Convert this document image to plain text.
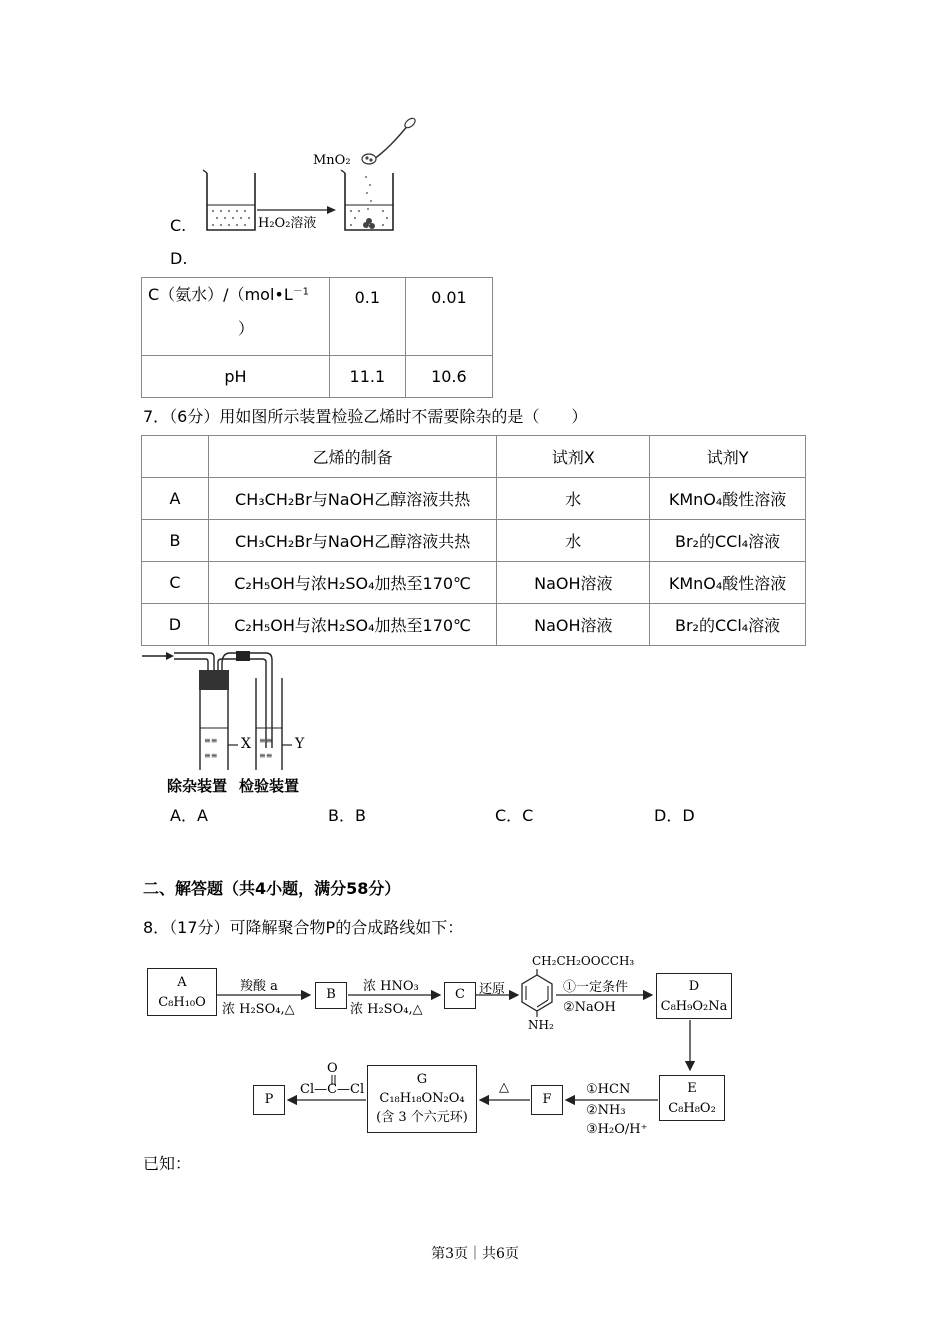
C.
MnO₂
H₂O₂溶液
D.
C（氨水）$/(mol•L^{-1}$
）	0.1	0.01
pH	11.1	10.6
7．（6分）用如图所示装置检验乙烯时不需要除杂的是（　　）
	乙烯的制备	试剂X	试剂Y
A	CH₃CH₂Br与NaOH乙醇溶液共热	水	KMnO₄酸性溶液
B	CH₃CH₂Br与NaOH乙醇溶液共热	水	Br₂的CCl₄溶液
C	C₂H₅OH与浓H₂SO₄加热至170℃	NaOH溶液	KMnO₄酸性溶液
D	C₂H₅OH与浓H₂SO₄加热至170℃	NaOH溶液	Br₂的CCl₄溶液
≡≡
≡≡
≡≡
≡≡
X	Y
除杂装置 检验装置
A．A	B．B	C．C	D．D
二、解答题（共4小题，满分58分）
8．（17分）可降解聚合物P的合成路线如下：
A
C₈H₁₀O
羧酸 a
浓 H₂SO₄,△
B
浓 HNO₃
浓 H₂SO₄,△
C	还原
CH₂CH₂OOCCH₃
NH₂
①一定条件
②NaOH
D
C₈H₉O₂Na
E
C₈H₈O₂
①HCN
②NH₃
③H₂O/H⁺
F
△
G
C₁₈H₁₈ON₂O₄
(含 3 个六元环)
O
Cl—C—Cl
P
已知：
第3页｜共6页
